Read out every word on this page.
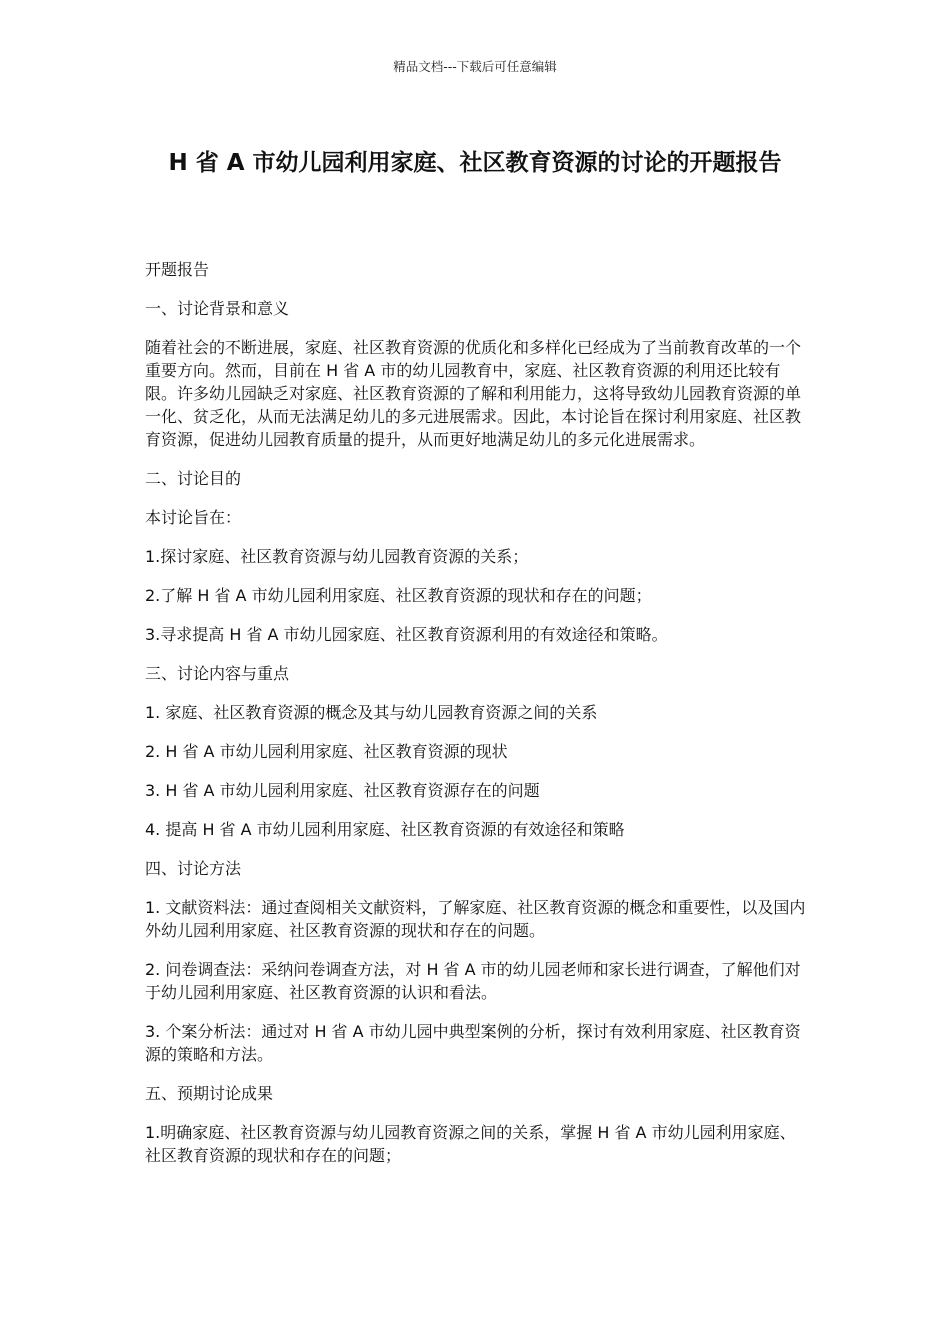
精品文档---下载后可任意编辑
H 省 A 市幼儿园利用家庭、社区教育资源的讨论的开题报告

开题报告

一、讨论背景和意义

随着社会的不断进展，家庭、社区教育资源的优质化和多样化已经成为了当前教育改革的一个重要方向。然而，目前在 H 省 A 市的幼儿园教育中，家庭、社区教育资源的利用还比较有限。许多幼儿园缺乏对家庭、社区教育资源的了解和利用能力，这将导致幼儿园教育资源的单一化、贫乏化，从而无法满足幼儿的多元进展需求。因此，本讨论旨在探讨利用家庭、社区教育资源，促进幼儿园教育质量的提升，从而更好地满足幼儿的多元化进展需求。

二、讨论目的

本讨论旨在：

1.探讨家庭、社区教育资源与幼儿园教育资源的关系；

2.了解 H 省 A 市幼儿园利用家庭、社区教育资源的现状和存在的问题；

3.寻求提高 H 省 A 市幼儿园家庭、社区教育资源利用的有效途径和策略。

三、讨论内容与重点

1. 家庭、社区教育资源的概念及其与幼儿园教育资源之间的关系

2. H 省 A 市幼儿园利用家庭、社区教育资源的现状

3. H 省 A 市幼儿园利用家庭、社区教育资源存在的问题

4. 提高 H 省 A 市幼儿园利用家庭、社区教育资源的有效途径和策略

四、讨论方法

1. 文献资料法：通过查阅相关文献资料，了解家庭、社区教育资源的概念和重要性，以及国内外幼儿园利用家庭、社区教育资源的现状和存在的问题。

2. 问卷调查法：采纳问卷调查方法，对 H 省 A 市的幼儿园老师和家长进行调查，了解他们对于幼儿园利用家庭、社区教育资源的认识和看法。

3. 个案分析法：通过对 H 省 A 市幼儿园中典型案例的分析，探讨有效利用家庭、社区教育资源的策略和方法。

五、预期讨论成果

1.明确家庭、社区教育资源与幼儿园教育资源之间的关系，掌握 H 省 A 市幼儿园利用家庭、社区教育资源的现状和存在的问题；
